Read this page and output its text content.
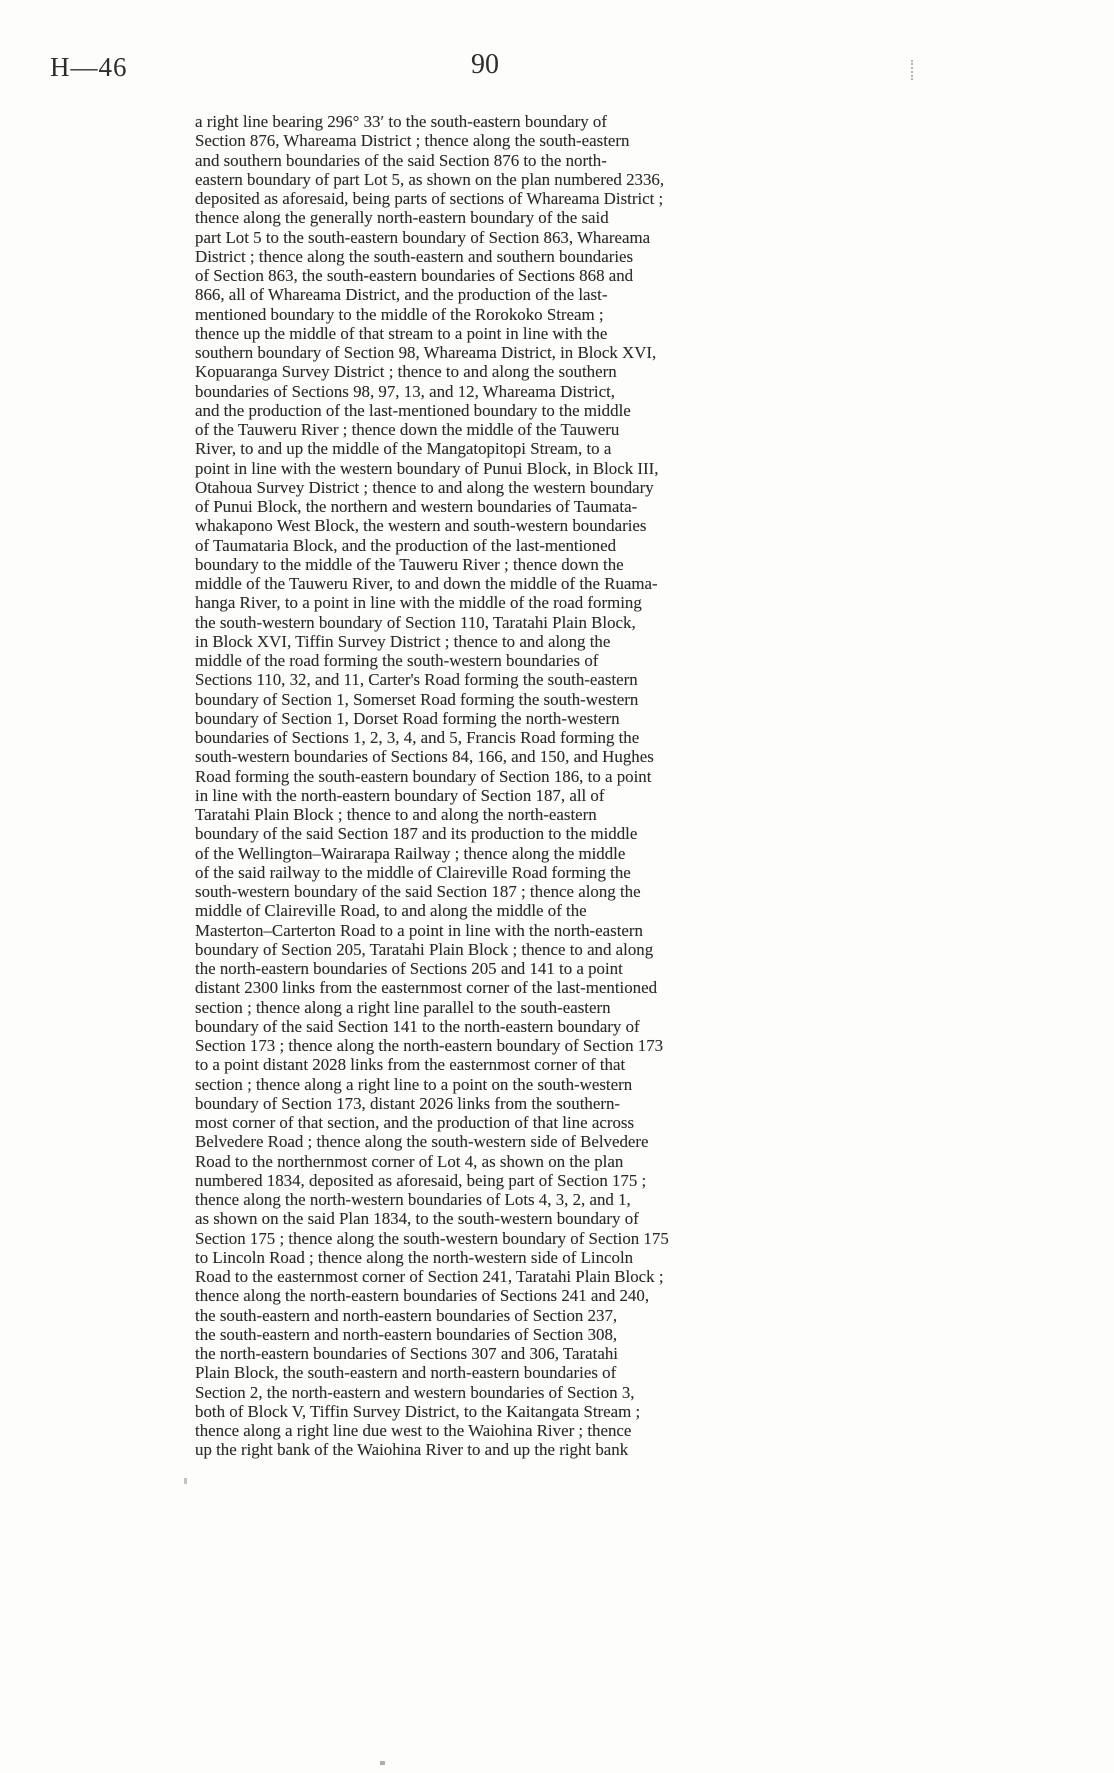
H—46	90
a right line bearing 296° 33′ to the south-eastern boundary of
Section 876, Whareama District ; thence along the south-eastern
and southern boundaries of the said Section 876 to the north-
eastern boundary of part Lot 5, as shown on the plan numbered 2336,
deposited as aforesaid, being parts of sections of Whareama District ;
thence along the generally north-eastern boundary of the said
part Lot 5 to the south-eastern boundary of Section 863, Whareama
District ; thence along the south-eastern and southern boundaries
of Section 863, the south-eastern boundaries of Sections 868 and
866, all of Whareama District, and the production of the last-
mentioned boundary to the middle of the Rorokoko Stream ;
thence up the middle of that stream to a point in line with the
southern boundary of Section 98, Whareama District, in Block XVI,
Kopuaranga Survey District ; thence to and along the southern
boundaries of Sections 98, 97, 13, and 12, Whareama District,
and the production of the last-mentioned boundary to the middle
of the Tauweru River ; thence down the middle of the Tauweru
River, to and up the middle of the Mangatopitopi Stream, to a
point in line with the western boundary of Punui Block, in Block III,
Otahoua Survey District ; thence to and along the western boundary
of Punui Block, the northern and western boundaries of Taumata-
whakapono West Block, the western and south-western boundaries
of Taumataria Block, and the production of the last-mentioned
boundary to the middle of the Tauweru River ; thence down the
middle of the Tauweru River, to and down the middle of the Ruama-
hanga River, to a point in line with the middle of the road forming
the south-western boundary of Section 110, Taratahi Plain Block,
in Block XVI, Tiffin Survey District ; thence to and along the
middle of the road forming the south-western boundaries of
Sections 110, 32, and 11, Carter's Road forming the south-eastern
boundary of Section 1, Somerset Road forming the south-western
boundary of Section 1, Dorset Road forming the north-western
boundaries of Sections 1, 2, 3, 4, and 5, Francis Road forming the
south-western boundaries of Sections 84, 166, and 150, and Hughes
Road forming the south-eastern boundary of Section 186, to a point
in line with the north-eastern boundary of Section 187, all of
Taratahi Plain Block ; thence to and along the north-eastern
boundary of the said Section 187 and its production to the middle
of the Wellington–Wairarapa Railway ; thence along the middle
of the said railway to the middle of Claireville Road forming the
south-western boundary of the said Section 187 ; thence along the
middle of Claireville Road, to and along the middle of the
Masterton–Carterton Road to a point in line with the north-eastern
boundary of Section 205, Taratahi Plain Block ; thence to and along
the north-eastern boundaries of Sections 205 and 141 to a point
distant 2300 links from the easternmost corner of the last-mentioned
section ; thence along a right line parallel to the south-eastern
boundary of the said Section 141 to the north-eastern boundary of
Section 173 ; thence along the north-eastern boundary of Section 173
to a point distant 2028 links from the easternmost corner of that
section ; thence along a right line to a point on the south-western
boundary of Section 173, distant 2026 links from the southern-
most corner of that section, and the production of that line across
Belvedere Road ; thence along the south-western side of Belvedere
Road to the northernmost corner of Lot 4, as shown on the plan
numbered 1834, deposited as aforesaid, being part of Section 175 ;
thence along the north-western boundaries of Lots 4, 3, 2, and 1,
as shown on the said Plan 1834, to the south-western boundary of
Section 175 ; thence along the south-western boundary of Section 175
to Lincoln Road ; thence along the north-western side of Lincoln
Road to the easternmost corner of Section 241, Taratahi Plain Block ;
thence along the north-eastern boundaries of Sections 241 and 240,
the south-eastern and north-eastern boundaries of Section 237,
the south-eastern and north-eastern boundaries of Section 308,
the north-eastern boundaries of Sections 307 and 306, Taratahi
Plain Block, the south-eastern and north-eastern boundaries of
Section 2, the north-eastern and western boundaries of Section 3,
both of Block V, Tiffin Survey District, to the Kaitangata Stream ;
thence along a right line due west to the Waiohina River ; thence
up the right bank of the Waiohina River to and up the right bank
